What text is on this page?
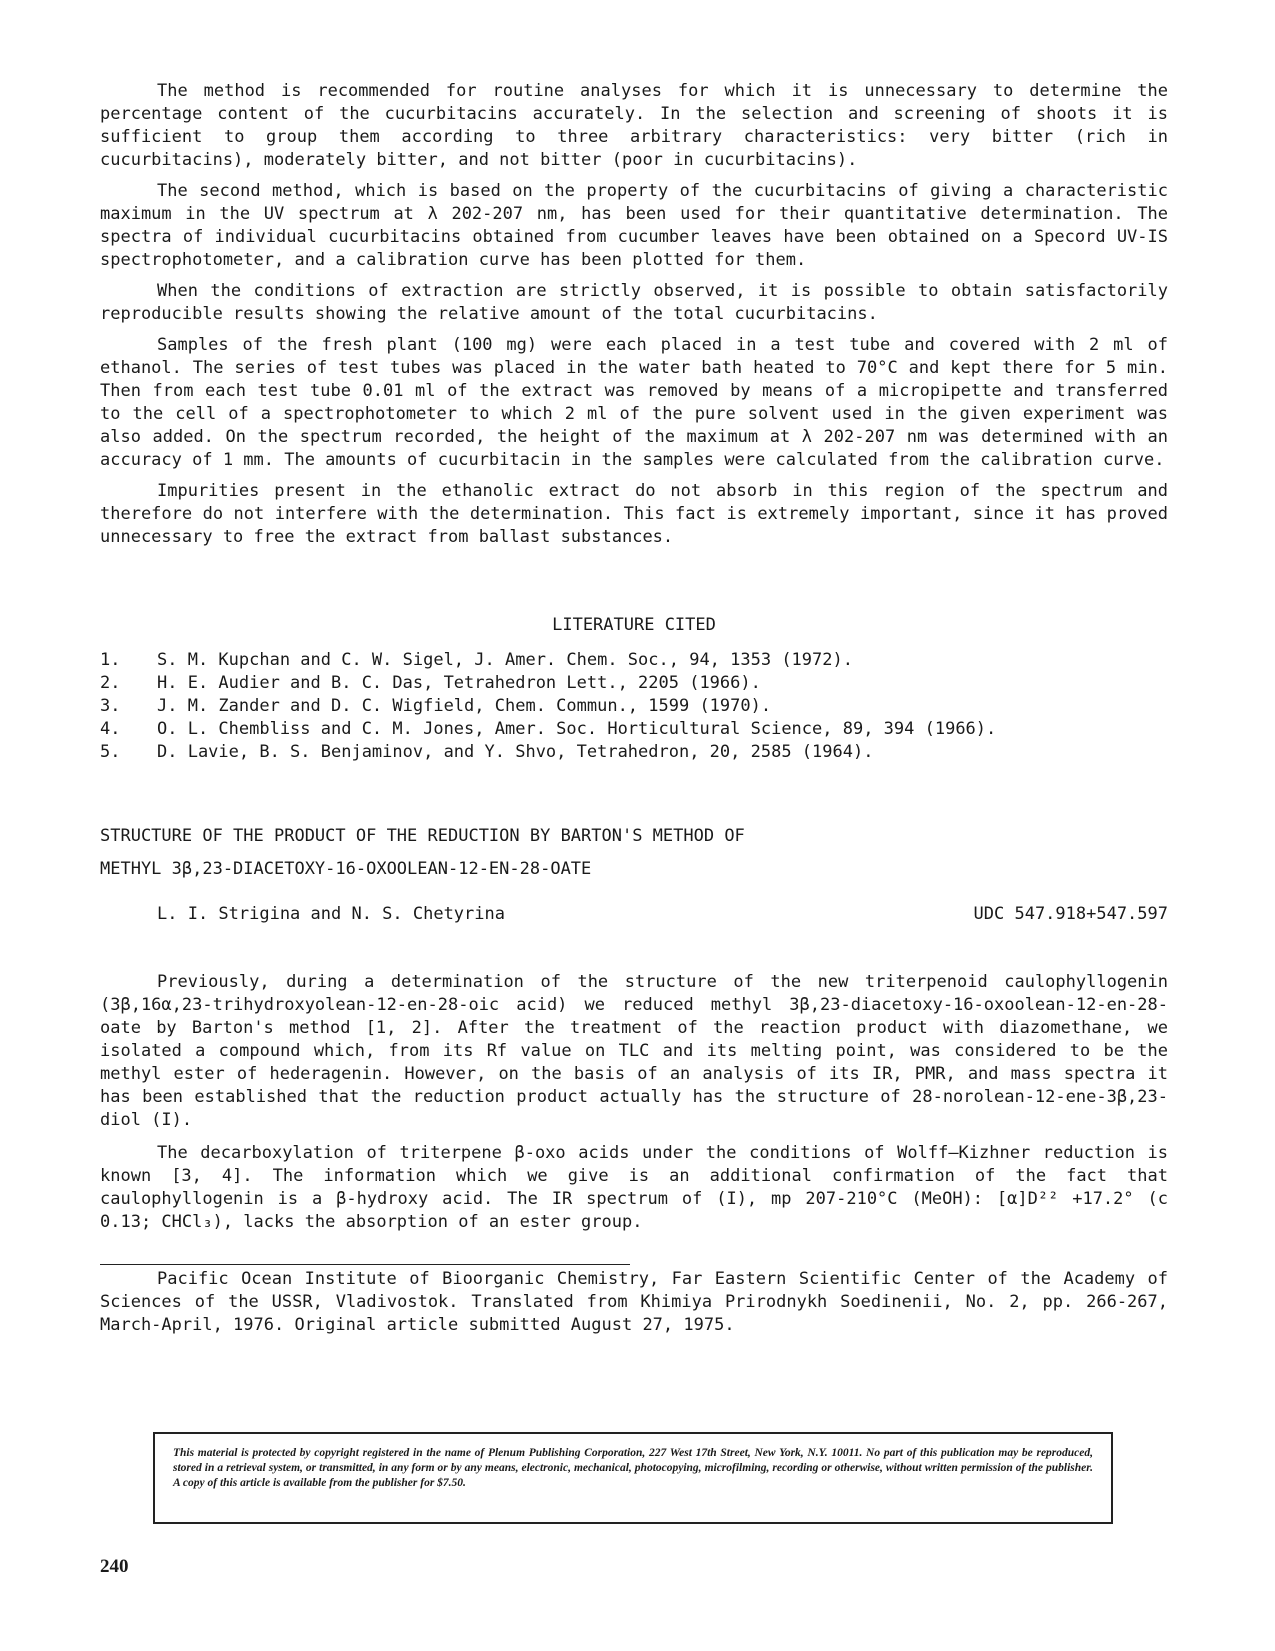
The method is recommended for routine analyses for which it is unnecessary to determine the percentage content of the cucurbitacins accurately. In the selection and screening of shoots it is sufficient to group them according to three arbitrary characteristics: very bitter (rich in cucurbitacins), moderately bitter, and not bitter (poor in cucurbitacins).

The second method, which is based on the property of the cucurbitacins of giving a characteristic maximum in the UV spectrum at λ 202-207 nm, has been used for their quantitative determination. The spectra of individual cucurbitacins obtained from cucumber leaves have been obtained on a Specord UV-IS spectrophotometer, and a calibration curve has been plotted for them.

When the conditions of extraction are strictly observed, it is possible to obtain satisfactorily reproducible results showing the relative amount of the total cucurbitacins.

Samples of the fresh plant (100 mg) were each placed in a test tube and covered with 2 ml of ethanol. The series of test tubes was placed in the water bath heated to 70°C and kept there for 5 min. Then from each test tube 0.01 ml of the extract was removed by means of a micropipette and transferred to the cell of a spectrophotometer to which 2 ml of the pure solvent used in the given experiment was also added. On the spectrum recorded, the height of the maximum at λ 202-207 nm was determined with an accuracy of 1 mm. The amounts of cucurbitacin in the samples were calculated from the calibration curve.

Impurities present in the ethanolic extract do not absorb in this region of the spectrum and therefore do not interfere with the determination. This fact is extremely important, since it has proved unnecessary to free the extract from ballast substances.

LITERATURE CITED
1.	S. M. Kupchan and C. W. Sigel, J. Amer. Chem. Soc., 94, 1353 (1972).
2.	H. E. Audier and B. C. Das, Tetrahedron Lett., 2205 (1966).
3.	J. M. Zander and D. C. Wigfield, Chem. Commun., 1599 (1970).
4.	O. L. Chembliss and C. M. Jones, Amer. Soc. Horticultural Science, 89, 394 (1966).
5.	D. Lavie, B. S. Benjaminov, and Y. Shvo, Tetrahedron, 20, 2585 (1964).

STRUCTURE OF THE PRODUCT OF THE REDUCTION BY BARTON'S METHOD OF

METHYL 3β,23-DIACETOXY-16-OXOOLEAN-12-EN-28-OATE

L. I. Strigina and N. S. Chetyrina	UDC 547.918+547.597

Previously, during a determination of the structure of the new triterpenoid caulophyllogenin (3β,16α,23-trihydroxyolean-12-en-28-oic acid) we reduced methyl 3β,23-diacetoxy-16-oxoolean-12-en-28-oate by Barton's method [1, 2]. After the treatment of the reaction product with diazomethane, we isolated a compound which, from its Rf value on TLC and its melting point, was considered to be the methyl ester of hederagenin. However, on the basis of an analysis of its IR, PMR, and mass spectra it has been established that the reduction product actually has the structure of 28-norolean-12-ene-3β,23-diol (I).

The decarboxylation of triterpene β-oxo acids under the conditions of Wolff–Kizhner reduction is known [3, 4]. The information which we give is an additional confirmation of the fact that caulophyllogenin is a β-hydroxy acid. The IR spectrum of (I), mp 207-210°C (MeOH): [α]D²² +17.2° (c 0.13; CHCl₃), lacks the absorption of an ester group.

Pacific Ocean Institute of Bioorganic Chemistry, Far Eastern Scientific Center of the Academy of Sciences of the USSR, Vladivostok. Translated from Khimiya Prirodnykh Soedinenii, No. 2, pp. 266-267, March-April, 1976. Original article submitted August 27, 1975.

This material is protected by copyright registered in the name of Plenum Publishing Corporation, 227 West 17th Street, New York, N.Y. 10011. No part of this publication may be reproduced, stored in a retrieval system, or transmitted, in any form or by any means, electronic, mechanical, photocopying, microfilming, recording or otherwise, without written permission of the publisher. A copy of this article is available from the publisher for $7.50.
240
